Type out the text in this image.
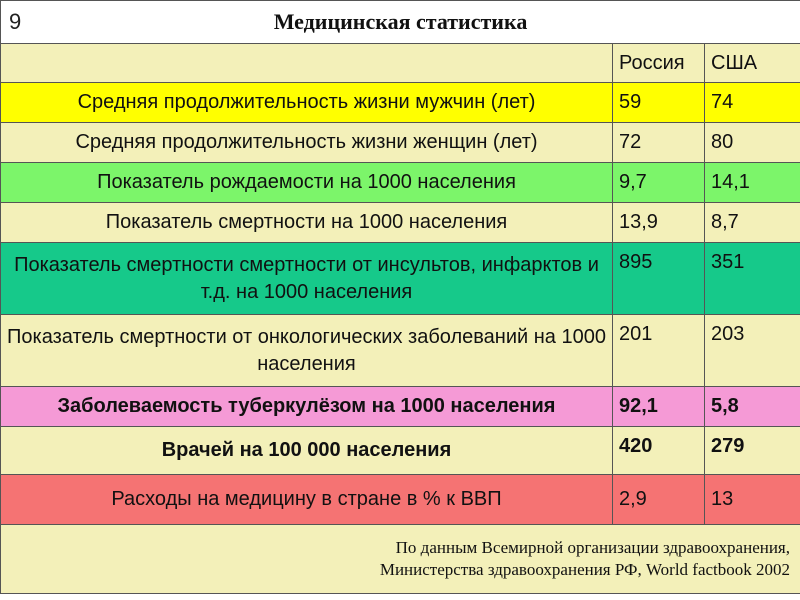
9 Медицинская статистика		
	Россия	США
Средняя продолжительность жизни мужчин (лет)	59	74
Средняя продолжительность жизни женщин (лет)	72	80
Показатель рождаемости на 1000 населения	9,7	14,1
Показатель смертности на 1000 населения	13,9	8,7
Показатель смертности смертности от инсультов, инфарктов и т.д. на 1000 населения	895	351
Показатель смертности от онкологических заболеваний на 1000 населения	201	203
Заболеваемость туберкулёзом на 1000 населения	92,1	5,8
Врачей на 100 000 населения	420	279
Расходы на медицину в стране в % к ВВП	2,9	13

По данным Всемирной организации здравоохранения,
Министерства здравоохранения РФ, World factbook 2002		
